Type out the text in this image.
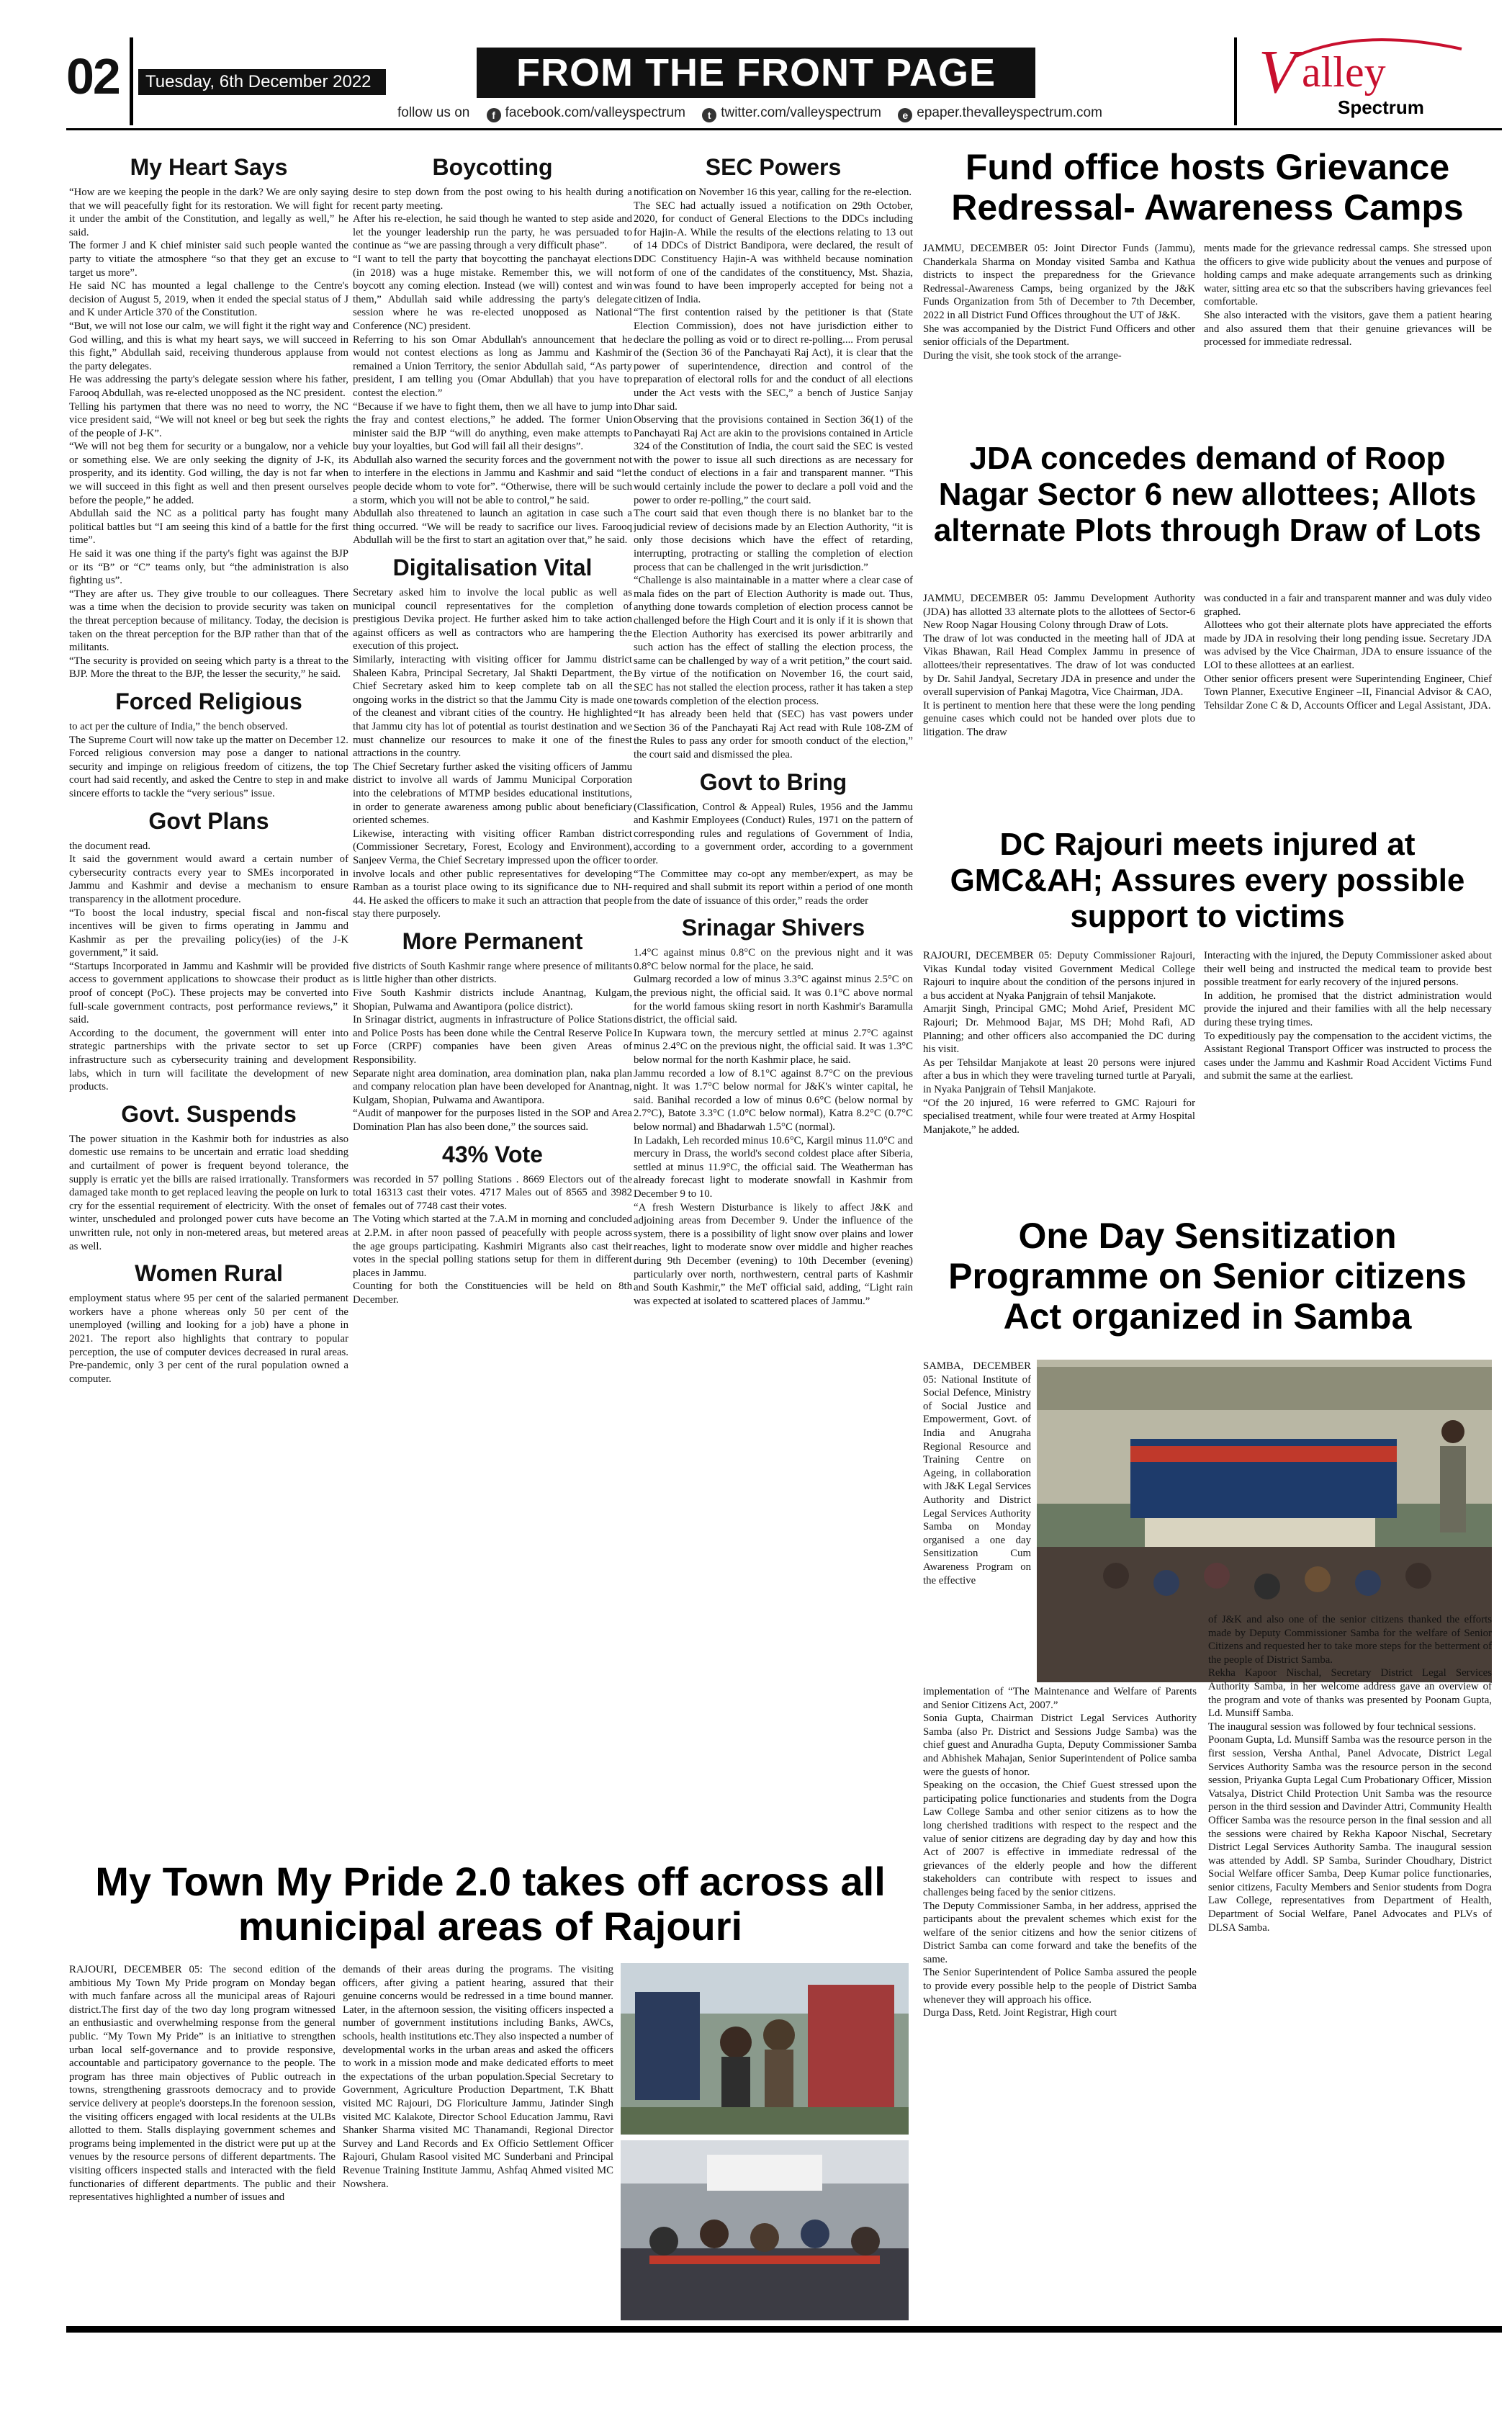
02	Tuesday, 6th December 2022	FROM THE FRONT PAGE
follow us on f facebook.com/valleyspectrum t twitter.com/valleyspectrum e epaper.thevalleyspectrum.com
V alley
Spectrum
My Heart Says

“How are we keeping the people in the dark? We are only saying that we will peacefully fight for its restoration. We will fight for it under the ambit of the Constitution, and legally as well,” he said.

The former J and K chief minister said such people wanted the party to vitiate the atmosphere “so that they get an excuse to target us more”.

He said NC has mounted a legal challenge to the Centre's decision of August 5, 2019, when it ended the special status of J and K under Article 370 of the Constitution.

“But, we will not lose our calm, we will fight it the right way and God willing, and this is what my heart says, we will succeed in this fight,” Abdullah said, receiving thunderous applause from the party delegates.

He was addressing the party's delegate session where his father, Farooq Abdullah, was re-elected unopposed as the NC president.

Telling his partymen that there was no need to worry, the NC vice president said, “We will not kneel or beg but seek the rights of the people of J-K”.

“We will not beg them for security or a bungalow, nor a vehicle or something else. We are only seeking the dignity of J-K, its prosperity, and its identity. God willing, the day is not far when we will succeed in this fight as well and then present ourselves before the people,” he added.

Abdullah said the NC as a political party has fought many political battles but “I am seeing this kind of a battle for the first time”.

He said it was one thing if the party's fight was against the BJP or its “B” or “C” teams only, but “the administration is also fighting us”.

“They are after us. They give trouble to our colleagues. There was a time when the decision to provide security was taken on the threat perception because of militancy. Today, the decision is taken on the threat perception for the BJP rather than that of the militants.

“The security is provided on seeing which party is a threat to the BJP. More the threat to the BJP, the lesser the security,” he said.

Forced Religious

to act per the culture of India,” the bench observed.

The Supreme Court will now take up the matter on December 12.

Forced religious conversion may pose a danger to national security and impinge on religious freedom of citizens, the top court had said recently, and asked the Centre to step in and make sincere efforts to tackle the “very serious” issue.

Govt Plans

the document read.

It said the government would award a certain number of cybersecurity contracts every year to SMEs incorporated in Jammu and Kashmir and devise a mechanism to ensure transparency in the allotment procedure.

“To boost the local industry, special fiscal and non-fiscal incentives will be given to firms operating in Jammu and Kashmir as per the prevailing policy(ies) of the J-K government,” it said.

“Startups Incorporated in Jammu and Kashmir will be provided access to government applications to showcase their product as proof of concept (PoC). These projects may be converted into full-scale government contracts, post performance reviews,” it said.

According to the document, the government will enter into strategic partnerships with the private sector to set up infrastructure such as cybersecurity training and development labs, which in turn will facilitate the development of new products.

Govt. Suspends

The power situation in the Kashmir both for industries as also domestic use remains to be uncertain and erratic load shedding and curtailment of power is frequent beyond tolerance, the supply is erratic yet the bills are raised irrationally. Transformers damaged take month to get replaced leaving the people on lurk to cry for the essential requirement of electricity. With the onset of winter, unscheduled and prolonged power cuts have become an unwritten rule, not only in non-metered areas, but metered areas as well.

Women Rural

employment status where 95 per cent of the salaried permanent workers have a phone whereas only 50 per cent of the unemployed (willing and looking for a job) have a phone in 2021. The report also highlights that contrary to popular perception, the use of computer devices decreased in rural areas. Pre-pandemic, only 3 per cent of the rural population owned a computer.

Boycotting

desire to step down from the post owing to his health during a recent party meeting.

After his re-election, he said though he wanted to step aside and let the younger leadership run the party, he was persuaded to continue as “we are passing through a very difficult phase”.

“I want to tell the party that boycotting the panchayat elections (in 2018) was a huge mistake. Remember this, we will not boycott any coming election. Instead (we will) contest and win them,” Abdullah said while addressing the party's delegate session where he was re-elected unopposed as National Conference (NC) president.

Referring to his son Omar Abdullah's announcement that he would not contest elections as long as Jammu and Kashmir remained a Union Territory, the senior Abdullah said, “As party president, I am telling you (Omar Abdullah) that you have to contest the election.”

“Because if we have to fight them, then we all have to jump into the fray and contest elections,” he added. The former Union minister said the BJP “will do anything, even make attempts to buy your loyalties, but God will fail all their designs”.

Abdullah also warned the security forces and the government not to interfere in the elections in Jammu and Kashmir and said “let people decide whom to vote for”. “Otherwise, there will be such a storm, which you will not be able to control,” he said.

Abdullah also threatened to launch an agitation in case such a thing occurred. “We will be ready to sacrifice our lives. Farooq Abdullah will be the first to start an agitation over that,” he said.

Digitalisation Vital

Secretary asked him to involve the local public as well as municipal council representatives for the completion of prestigious Devika project. He further asked him to take action against officers as well as contractors who are hampering the execution of this project.

Similarly, interacting with visiting officer for Jammu district Shaleen Kabra, Principal Secretary, Jal Shakti Department, the Chief Secretary asked him to keep complete tab on all the ongoing works in the district so that the Jammu City is made one of the cleanest and vibrant cities of the country. He highlighted that Jammu city has lot of potential as tourist destination and we must channelize our resources to make it one of the finest attractions in the country.

The Chief Secretary further asked the visiting officers of Jammu district to involve all wards of Jammu Municipal Corporation into the celebrations of MTMP besides educational institutions, in order to generate awareness among public about beneficiary oriented schemes.

Likewise, interacting with visiting officer Ramban district (Commissioner Secretary, Forest, Ecology and Environment), Sanjeev Verma, the Chief Secretary impressed upon the officer to involve locals and other public representatives for developing Ramban as a tourist place owing to its significance due to NH-44. He asked the officers to make it such an attraction that people stay there purposely.

More Permanent

five districts of South Kashmir range where presence of militants is little higher than other districts.

Five South Kashmir districts include Anantnag, Kulgam, Shopian, Pulwama and Awantipora (police district).

In Srinagar district, augments in infrastructure of Police Stations and Police Posts has been done while the Central Reserve Police Force (CRPF) companies have been given Areas of Responsibility.

Separate night area domination, area domination plan, naka plan and company relocation plan have been developed for Anantnag, Kulgam, Shopian, Pulwama and Awantipora.

“Audit of manpower for the purposes listed in the SOP and Area Domination Plan has also been done,” the sources said.

43% Vote

was recorded in 57 polling Stations . 8669 Electors out of the total 16313 cast their votes. 4717 Males out of 8565 and 3982 females out of 7748 cast their votes.

The Voting which started at the 7.A.M in morning and concluded at 2.P.M. in after noon passed of peacefully with people across the age groups participating. Kashmiri Migrants also cast their votes in the special polling stations setup for them in different places in Jammu.

Counting for both the Constituencies will be held on 8th December.

SEC Powers

notification on November 16 this year, calling for the re-election.

The SEC had actually issued a notification on 29th October, 2020, for conduct of General Elections to the DDCs including for Hajin-A. While the results of the elections relating to 13 out of 14 DDCs of District Bandipora, were declared, the result of DDC Constituency Hajin-A was withheld because nomination form of one of the candidates of the constituency, Mst. Shazia, was found to have been improperly accepted for being not a citizen of India.

“The first contention raised by the petitioner is that (State Election Commission), does not have jurisdiction either to declare the polling as void or to direct re-polling.... From perusal of the (Section 36 of the Panchayati Raj Act), it is clear that the power of superintendence, direction and control of the preparation of electoral rolls for and the conduct of all elections under the Act vests with the SEC,” a bench of Justice Sanjay Dhar said.

Observing that the provisions contained in Section 36(1) of the Panchayati Raj Act are akin to the provisions contained in Article 324 of the Constitution of India, the court said the SEC is vested with the power to issue all such directions as are necessary for the conduct of elections in a fair and transparent manner. “This would certainly include the power to declare a poll void and the power to order re-polling,” the court said.

The court said that even though there is no blanket bar to the judicial review of decisions made by an Election Authority, “it is only those decisions which have the effect of retarding, interrupting, protracting or stalling the completion of election process that can be challenged in the writ jurisdiction.”

“Challenge is also maintainable in a matter where a clear case of mala fides on the part of Election Authority is made out. Thus, anything done towards completion of election process cannot be challenged before the High Court and it is only if it is shown that the Election Authority has exercised its power arbitrarily and such action has the effect of stalling the election process, the same can be challenged by way of a writ petition,” the court said.

By virtue of the notification on November 16, the court said, SEC has not stalled the election process, rather it has taken a step towards completion of the election process.

“It has already been held that (SEC) has vast powers under Section 36 of the Panchayati Raj Act read with Rule 108-ZM of the Rules to pass any order for smooth conduct of the election,” the court said and dismissed the plea.

Govt to Bring

(Classification, Control & Appeal) Rules, 1956 and the Jammu and Kashmir Employees (Conduct) Rules, 1971 on the pattern of corresponding rules and regulations of Government of India, according to a government order, according to a government order.

“The Committee may co-opt any member/expert, as may be required and shall submit its report within a period of one month from the date of issuance of this order,” reads the order

Srinagar Shivers

1.4°C against minus 0.8°C on the previous night and it was 0.8°C below normal for the place, he said.

Gulmarg recorded a low of minus 3.3°C against minus 2.5°C on the previous night, the official said. It was 0.1°C above normal for the world famous skiing resort in north Kashmir's Baramulla district, the official said.

In Kupwara town, the mercury settled at minus 2.7°C against minus 2.4°C on the previous night, the official said. It was 1.3°C below normal for the north Kashmir place, he said.

Jammu recorded a low of 8.1°C against 8.7°C on the previous night. It was 1.7°C below normal for J&K's winter capital, he said. Banihal recorded a low of minus 0.6°C (below normal by 2.7°C), Batote 3.3°C (1.0°C below normal), Katra 8.2°C (0.7°C below normal) and Bhadarwah 1.5°C (normal).

In Ladakh, Leh recorded minus 10.6°C, Kargil minus 11.0°C and mercury in Drass, the world's second coldest place after Siberia, settled at minus 11.9°C, the official said. The Weatherman has already forecast light to moderate snowfall in Kashmir from December 9 to 10.

“A fresh Western Disturbance is likely to affect J&K and adjoining areas from December 9. Under the influence of the system, there is a possibility of light snow over plains and lower reaches, light to moderate snow over middle and higher reaches during 9th December (evening) to 10th December (evening) particularly over north, northwestern, central parts of Kashmir and South Kashmir,” the MeT official said, adding, “Light rain was expected at isolated to scattered places of Jammu.”

Fund office hosts Grievance Redressal- Awareness Camps

JAMMU, DECEMBER 05: Joint Director Funds (Jammu), Chanderkala Sharma on Monday visited Samba and Kathua districts to inspect the preparedness for the Grievance Redressal-Awareness Camps, being organized by the J&K Funds Organization from 5th of December to 7th December, 2022 in all District Fund Offices throughout the UT of J&K.

She was accompanied by the District Fund Officers and other senior officials of the Department.

During the visit, she took stock of the arrange-

ments made for the grievance redressal camps. She stressed upon the officers to give wide publicity about the venues and purpose of holding camps and make adequate arrangements such as drinking water, sitting area etc so that the subscribers having grievances feel comfortable.

She also interacted with the visitors, gave them a patient hearing and also assured them that their genuine grievances will be processed for immediate redressal.

JDA concedes demand of Roop Nagar Sector 6 new allottees; Allots alternate Plots through Draw of Lots

JAMMU, DECEMBER 05: Jammu Development Authority (JDA) has allotted 33 alternate plots to the allottees of Sector-6 New Roop Nagar Housing Colony through Draw of Lots.

The draw of lot was conducted in the meeting hall of JDA at Vikas Bhawan, Rail Head Complex Jammu in presence of allottees/their representatives. The draw of lot was conducted by Dr. Sahil Jandyal, Secretary JDA in presence and under the overall supervision of Pankaj Magotra, Vice Chairman, JDA.

It is pertinent to mention here that these were the long pending genuine cases which could not be handed over plots due to litigation. The draw

was conducted in a fair and transparent manner and was duly video graphed.

Allottees who got their alternate plots have appreciated the efforts made by JDA in resolving their long pending issue. Secretary JDA was advised by the Vice Chairman, JDA to ensure issuance of the LOI to these allottees at an earliest.

Other senior officers present were Superintending Engineer, Chief Town Planner, Executive Engineer –II, Financial Advisor & CAO, Tehsildar Zone C & D, Accounts Officer and Legal Assistant, JDA.

DC Rajouri meets injured at GMC&AH; Assures every possible support to victims

RAJOURI, DECEMBER 05: Deputy Commissioner Rajouri, Vikas Kundal today visited Government Medical College Rajouri to inquire about the condition of the persons injured in a bus accident at Nyaka Panjgrain of tehsil Manjakote.

Amarjit Singh, Principal GMC; Mohd Arief, President MC Rajouri; Dr. Mehmood Bajar, MS DH; Mohd Rafi, AD Planning; and other officers also accompanied the DC during his visit.

As per Tehsildar Manjakote at least 20 persons were injured after a bus in which they were traveling turned turtle at Paryali, in Nyaka Panjgrain of Tehsil Manjakote.

“Of the 20 injured, 16 were referred to GMC Rajouri for specialised treatment, while four were treated at Army Hospital Manjakote,” he added.

Interacting with the injured, the Deputy Commissioner asked about their well being and instructed the medical team to provide best possible treatment for early recovery of the injured persons.

In addition, he promised that the district administration would provide the injured and their families with all the help necessary during these trying times.

To expeditiously pay the compensation to the accident victims, the Assistant Regional Transport Officer was instructed to process the cases under the Jammu and Kashmir Road Accident Victims Fund and submit the same at the earliest.

One Day Sensitization Programme on Senior citizens Act organized in Samba

SAMBA, DECEMBER 05: National Institute of Social Defence, Ministry of Social Justice and Empowerment, Govt. of India and Anugraha Regional Resource and Training Centre on Ageing, in collaboration with J&K Legal Services Authority and District Legal Services Authority Samba on Monday organised a one day Sensitization Cum Awareness Program on the effective

implementation of “The Maintenance and Welfare of Parents and Senior Citizens Act, 2007.”

Sonia Gupta, Chairman District Legal Services Authority Samba (also Pr. District and Sessions Judge Samba) was the chief guest and Anuradha Gupta, Deputy Commissioner Samba and Abhishek Mahajan, Senior Superintendent of Police samba were the guests of honor.

Speaking on the occasion, the Chief Guest stressed upon the participating police functionaries and students from the Dogra Law College Samba and other senior citizens as to how the long cherished traditions with respect to the respect and the value of senior citizens are degrading day by day and how this Act of 2007 is effective in immediate redressal of the grievances of the elderly people and how the different stakeholders can contribute with respect to issues and challenges being faced by the senior citizens.

The Deputy Commissioner Samba, in her address, apprised the participants about the prevalent schemes which exist for the welfare of the senior citizens and how the senior citizens of District Samba can come forward and take the benefits of the same.

The Senior Superintendent of Police Samba assured the people to provide every possible help to the people of District Samba whenever they will approach his office.

Durga Dass, Retd. Joint Registrar, High court

of J&K and also one of the senior citizens thanked the efforts made by Deputy Commissioner Samba for the welfare of Senior Citizens and requested her to take more steps for the betterment of the people of District Samba.

Rekha Kapoor Nischal, Secretary District Legal Services Authority Samba, in her welcome address gave an overview of the program and vote of thanks was presented by Poonam Gupta, Ld. Munsiff Samba.

The inaugural session was followed by four technical sessions.

Poonam Gupta, Ld. Munsiff Samba was the resource person in the first session, Versha Anthal, Panel Advocate, District Legal Services Authority Samba was the resource person in the second session, Priyanka Gupta Legal Cum Probationary Officer, Mission Vatsalya, District Child Protection Unit Samba was the resource person in the third session and Davinder Attri, Community Health Officer Samba was the resource person in the final session and all the sessions were chaired by Rekha Kapoor Nischal, Secretary District Legal Services Authority Samba. The inaugural session was attended by Addl. SP Samba, Surinder Choudhary, District Social Welfare officer Samba, Deep Kumar police functionaries, senior citizens, Faculty Members and Senior students from Dogra Law College, representatives from Department of Health, Department of Social Welfare, Panel Advocates and PLVs of DLSA Samba.

My Town My Pride 2.0 takes off across all municipal areas of Rajouri

RAJOURI, DECEMBER 05: The second edition of the ambitious My Town My Pride program on Monday began with much fanfare across all the municipal areas of Rajouri district.The first day of the two day long program witnessed an enthusiastic and overwhelming response from the general public. “My Town My Pride” is an initiative to strengthen urban local self-governance and to provide responsive, accountable and participatory governance to the people. The program has three main objectives of Public outreach in towns, strengthening grassroots democracy and to provide service delivery at people's doorsteps.In the forenoon session, the visiting officers engaged with local residents at the ULBs allotted to them. Stalls displaying government schemes and programs being implemented in the district were put up at the venues by the resource persons of different departments. The visiting officers inspected stalls and interacted with the field functionaries of different departments. The public and their representatives highlighted a number of issues and

demands of their areas during the programs. The visiting officers, after giving a patient hearing, assured that their genuine concerns would be redressed in a time bound manner. Later, in the afternoon session, the visiting officers inspected a number of government institutions including Banks, AWCs, schools, health institutions etc.They also inspected a number of developmental works in the urban areas and asked the officers to work in a mission mode and make dedicated efforts to meet the expectations of the urban population.Special Secretary to Government, Agriculture Production Department, T.K Bhatt visited MC Rajouri, DG Floriculture Jammu, Jatinder Singh visited MC Kalakote, Director School Education Jammu, Ravi Shanker Sharma visited MC Thanamandi, Regional Director Survey and Land Records and Ex Officio Settlement Officer Rajouri, Ghulam Rasool visited MC Sunderbani and Principal Revenue Training Institute Jammu, Ashfaq Ahmed visited MC Nowshera.
